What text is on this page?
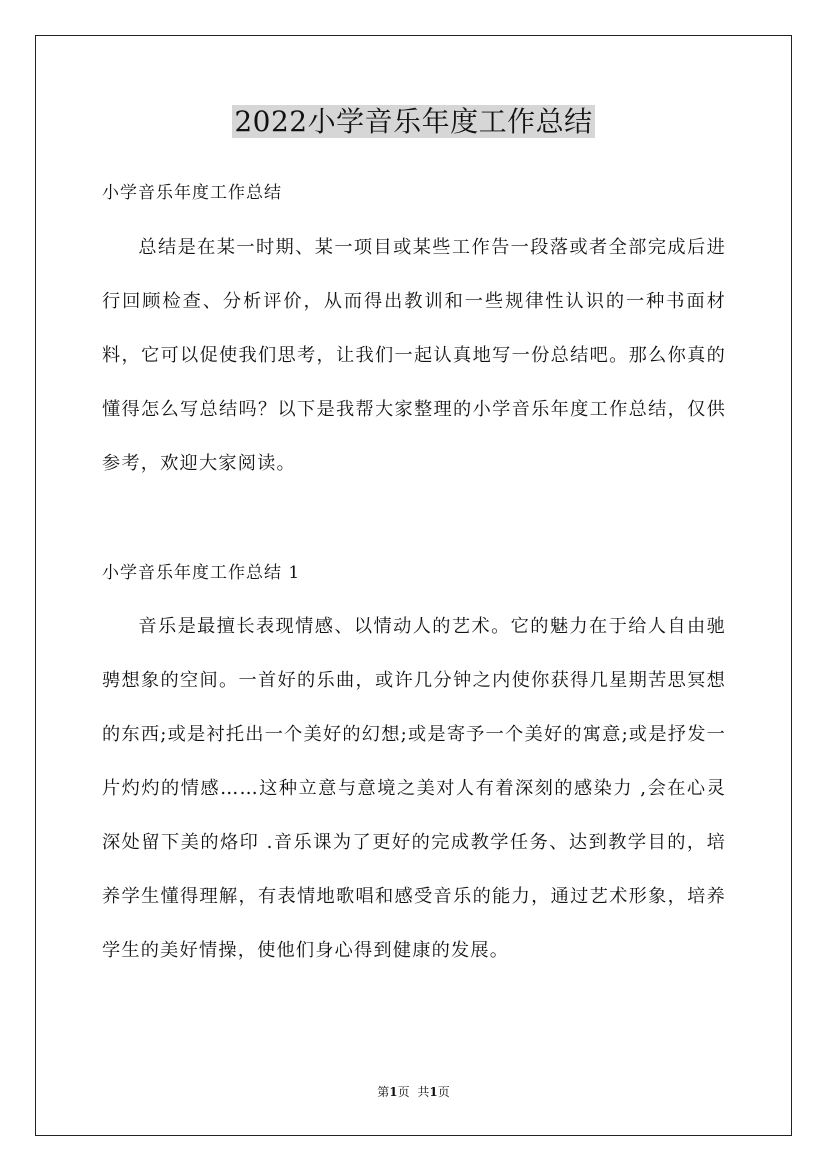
2022小学音乐年度工作总结
小学音乐年度工作总结

总结是在某一时期、某一项目或某些工作告一段落或者全部完成后进行回顾检查、分析评价，从而得出教训和一些规律性认识的一种书面材料，它可以促使我们思考，让我们一起认真地写一份总结吧。那么你真的懂得怎么写总结吗？以下是我帮大家整理的小学音乐年度工作总结，仅供参考，欢迎大家阅读。

小学音乐年度工作总结 1

音乐是最擅长表现情感、以情动人的艺术。它的魅力在于给人自由驰骋想象的空间。一首好的乐曲，或许几分钟之内使你获得几星期苦思冥想的东西;或是衬托出一个美好的幻想;或是寄予一个美好的寓意;或是抒发一片灼灼的情感……这种立意与意境之美对人有着深刻的感染力 ,会在心灵深处留下美的烙印 .音乐课为了更好的完成教学任务、达到教学目的，培养学生懂得理解，有表情地歌唱和感受音乐的能力，通过艺术形象，培养学生的美好情操，使他们身心得到健康的发展。

第1页 共1页
